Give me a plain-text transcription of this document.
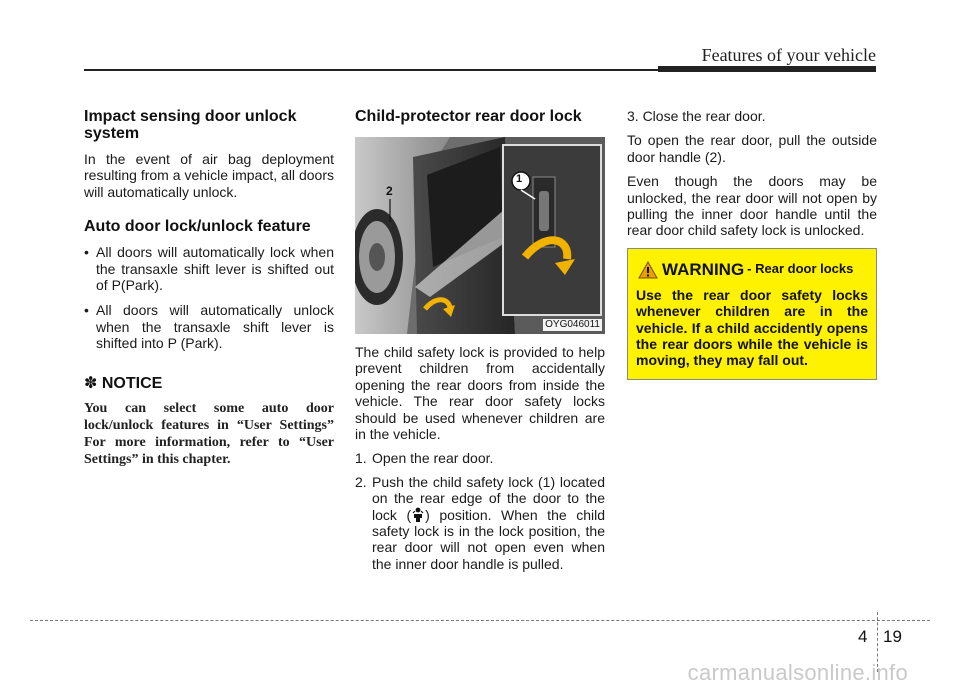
Features of your vehicle
Impact sensing door unlock system

In the event of air bag deployment resulting from a vehicle impact, all doors will automatically unlock.

Auto door lock/unlock feature
• All doors will automatically lock when the transaxle shift lever is shifted out of P(Park).
• All doors will automatically unlock when the transaxle shift lever is shifted into P (Park).
✽ NOTICE

You can select some auto door lock/unlock features in “User Settings” For more information, refer to “User Settings” in this chapter.

Child-protector rear door lock
1
2
OYG046011

The child safety lock is provided to help prevent children from accidentally opening the rear doors from inside the vehicle. The rear door safety locks should be used whenever children are in the vehicle.

1. Open the rear door.
2. Push the child safety lock (1) located on the rear edge of the door to the lock ( ) position. When the child safety lock is in the lock position, the rear door will not open even when the inner door handle is pulled.

3. Close the rear door.

To open the rear door, pull the outside door handle (2).

Even though the doors may be unlocked, the rear door will not open by pulling the inner door handle until the rear door child safety lock is unlocked.

WARNING - Rear door locks

Use the rear door safety locks whenever children are in the vehicle. If a child accidently opens the rear doors while the vehicle is moving, they may fall out.

4 19
carmanualsonline.info
